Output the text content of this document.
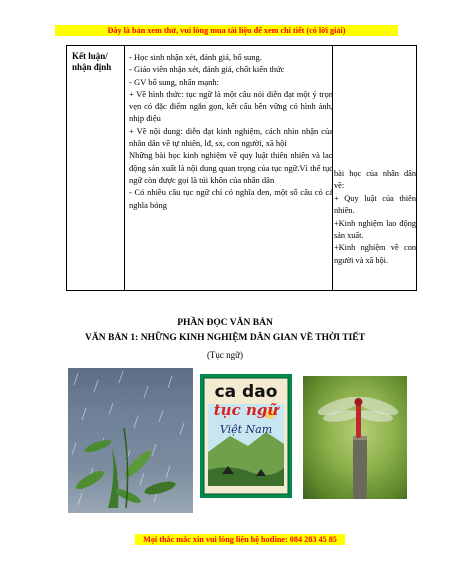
Đây là bản xem thử, vui lòng mua tài liệu để xem chi tiết (có lời giải)
Kết luận/ nhận định

- Học sinh nhận xét, đánh giá, bổ sung.

- Giáo viên nhận xét, đánh giá, chốt kiến thức

- GV bổ sung, nhấn mạnh:

+ Về hình thức: tục ngữ là một câu nói diễn đạt một ý trọn vẹn có đặc điểm ngắn gọn, kết cấu bền vững có hình ảnh, nhịp điệu

+ Về nội dung: diễn đạt kinh nghiệm, cách nhìn nhận của nhân dân về tự nhiên, lđ, sx, con người, xã hội

Những bài học kinh nghiệm về quy luật thiên nhiên và lao động sản xuất là nội dung quan trọng của tục ngữ.Vì thế tục ngữ còn được gọi là túi khôn của nhân dân

- Có nhiều câu tục ngữ chỉ có nghĩa đen, một số câu có cả nghĩa bóng

bài học của nhân dân về:

+ Quy luật của thiên nhiên.

+Kinh nghiệm lao động sản xuất.

+Kinh nghiệm về con người và xã hội.

PHẦN ĐỌC VĂN BẢN
VĂN BẢN 1: NHỮNG KINH NGHIỆM DÂN GIAN VỀ THỜI TIẾT
(Tục ngữ)
ca dao
tục ngữ
Việt Nam
Mọi thắc mắc xin vui lòng liên hệ hotline: 084 283 45 85
